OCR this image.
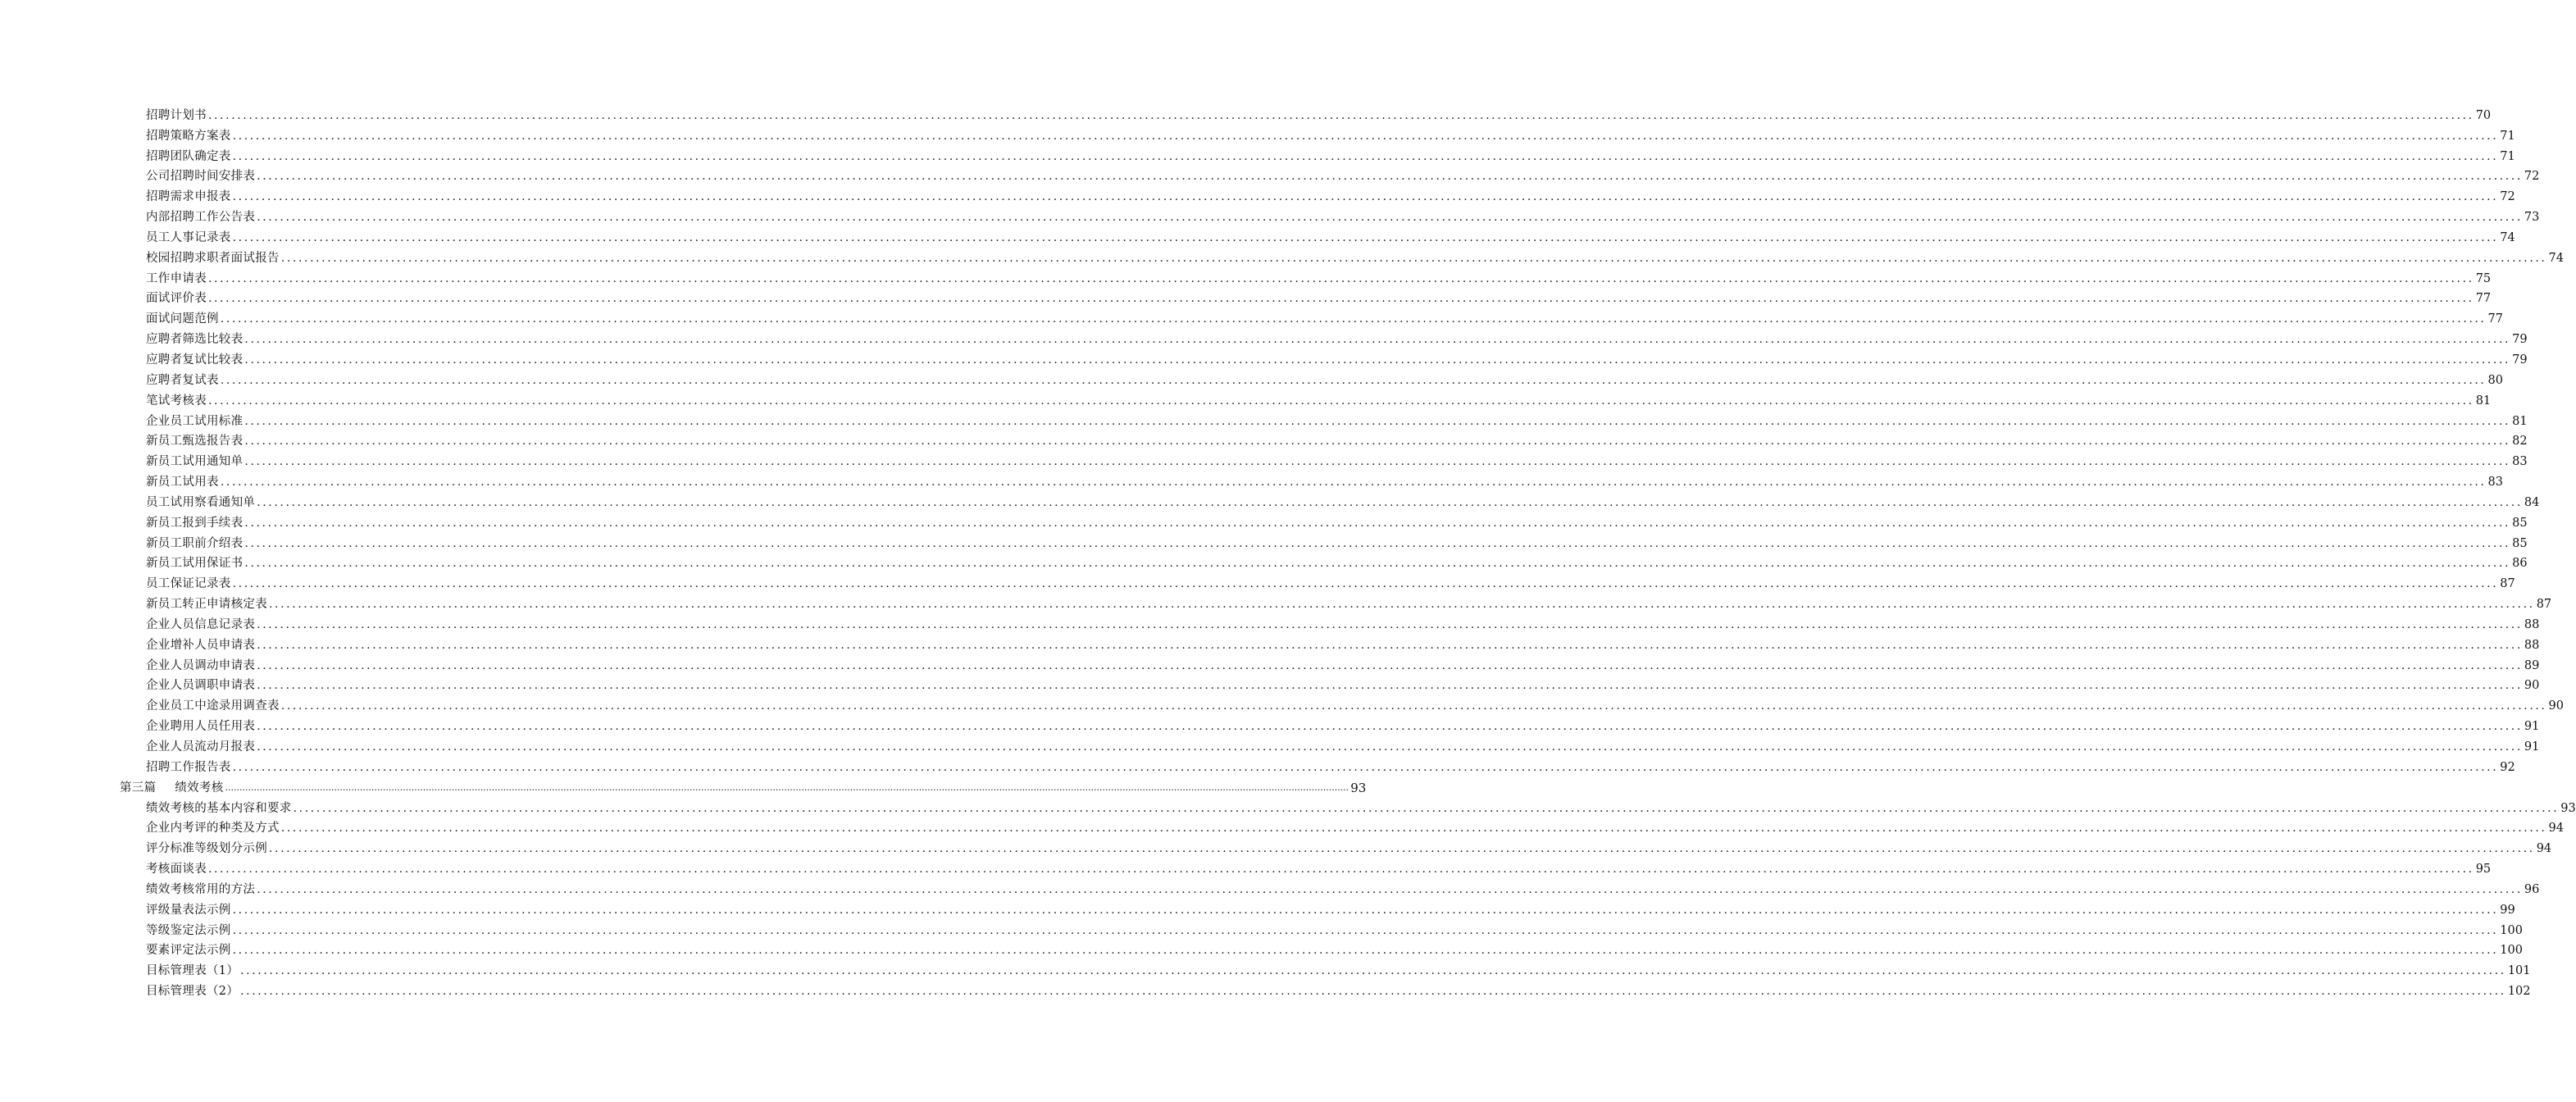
招聘计划书 ........................................................................................................................................................................................................................................................................................................................................................................................................ 70
招聘策略方案表 ........................................................................................................................................................................................................................................................................................................................................................................................................ 71
招聘团队确定表 ........................................................................................................................................................................................................................................................................................................................................................................................................ 71
公司招聘时间安排表 ........................................................................................................................................................................................................................................................................................................................................................................................................ 72
招聘需求申报表 ........................................................................................................................................................................................................................................................................................................................................................................................................ 72
内部招聘工作公告表 ........................................................................................................................................................................................................................................................................................................................................................................................................ 73
员工人事记录表 ........................................................................................................................................................................................................................................................................................................................................................................................................ 74
校园招聘求职者面试报告 ........................................................................................................................................................................................................................................................................................................................................................................................................ 74
工作申请表 ........................................................................................................................................................................................................................................................................................................................................................................................................ 75
面试评价表 ........................................................................................................................................................................................................................................................................................................................................................................................................ 77
面试问题范例 ........................................................................................................................................................................................................................................................................................................................................................................................................ 77
应聘者筛选比较表 ........................................................................................................................................................................................................................................................................................................................................................................................................ 79
应聘者复试比较表 ........................................................................................................................................................................................................................................................................................................................................................................................................ 79
应聘者复试表 ........................................................................................................................................................................................................................................................................................................................................................................................................ 80
笔试考核表 ........................................................................................................................................................................................................................................................................................................................................................................................................ 81
企业员工试用标准 ........................................................................................................................................................................................................................................................................................................................................................................................................ 81
新员工甄选报告表 ........................................................................................................................................................................................................................................................................................................................................................................................................ 82
新员工试用通知单 ........................................................................................................................................................................................................................................................................................................................................................................................................ 83
新员工试用表 ........................................................................................................................................................................................................................................................................................................................................................................................................ 83
员工试用察看通知单 ........................................................................................................................................................................................................................................................................................................................................................................................................ 84
新员工报到手续表 ........................................................................................................................................................................................................................................................................................................................................................................................................ 85
新员工职前介绍表 ........................................................................................................................................................................................................................................................................................................................................................................................................ 85
新员工试用保证书 ........................................................................................................................................................................................................................................................................................................................................................................................................ 86
员工保证记录表 ........................................................................................................................................................................................................................................................................................................................................................................................................ 87
新员工转正申请核定表 ........................................................................................................................................................................................................................................................................................................................................................................................................ 87
企业人员信息记录表 ........................................................................................................................................................................................................................................................................................................................................................................................................ 88
企业增补人员申请表 ........................................................................................................................................................................................................................................................................................................................................................................................................ 88
企业人员调动申请表 ........................................................................................................................................................................................................................................................................................................................................................................................................ 89
企业人员调职申请表 ........................................................................................................................................................................................................................................................................................................................................................................................................ 90
企业员工中途录用调查表 ........................................................................................................................................................................................................................................................................................................................................................................................................ 90
企业聘用人员任用表 ........................................................................................................................................................................................................................................................................................................................................................................................................ 91
企业人员流动月报表 ........................................................................................................................................................................................................................................................................................................................................................................................................ 91
招聘工作报告表 ........................................................................................................................................................................................................................................................................................................................................................................................................ 92
第三篇 绩效考核 ........................................................................................................................................................................................................................................................................................................................................................................................................ 93
绩效考核的基本内容和要求 ........................................................................................................................................................................................................................................................................................................................................................................................................ 93
企业内考评的种类及方式 ........................................................................................................................................................................................................................................................................................................................................................................................................ 94
评分标准等级划分示例 ........................................................................................................................................................................................................................................................................................................................................................................................................ 94
考核面谈表 ........................................................................................................................................................................................................................................................................................................................................................................................................ 95
绩效考核常用的方法 ........................................................................................................................................................................................................................................................................................................................................................................................................ 96
评级量表法示例 ........................................................................................................................................................................................................................................................................................................................................................................................................ 99
等级鉴定法示例 ........................................................................................................................................................................................................................................................................................................................................................................................................ 100
要素评定法示例 ........................................................................................................................................................................................................................................................................................................................................................................................................ 100
目标管理表（1） ........................................................................................................................................................................................................................................................................................................................................................................................................ 101
目标管理表（2） ........................................................................................................................................................................................................................................................................................................................................................................................................ 102
